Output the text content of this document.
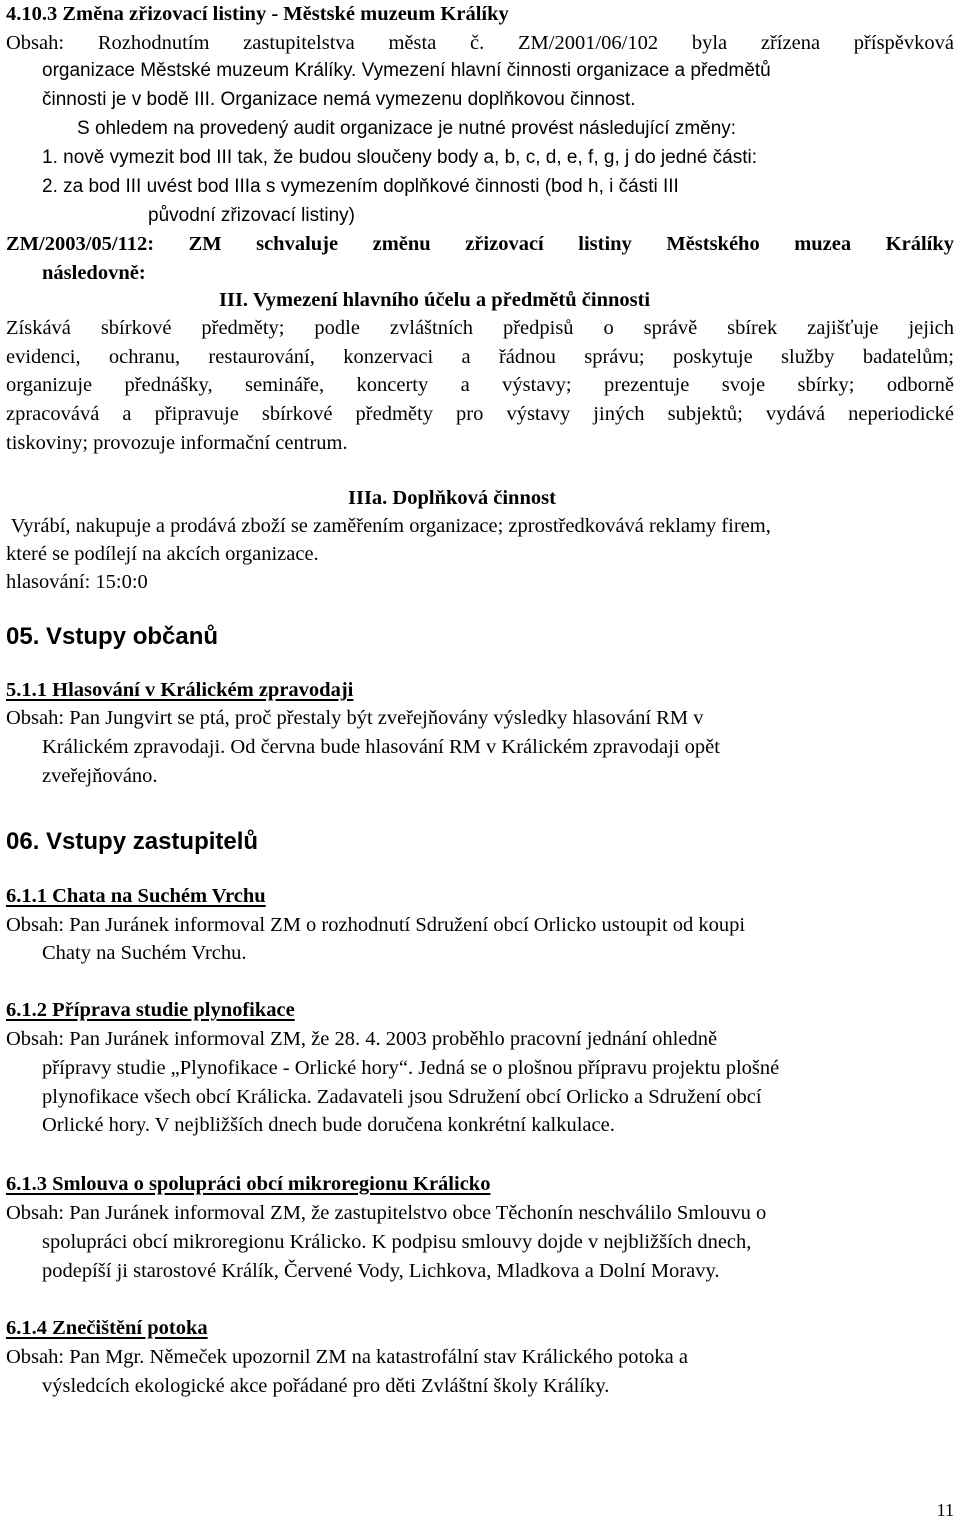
4.10.3 Změna zřizovací listiny - Městské muzeum Králíky
Obsah: Rozhodnutím zastupitelstva města č. ZM/2001/06/102 byla zřízena příspěvková
organizace Městské muzeum Králíky. Vymezení hlavní činnosti organizace a předmětů
činnosti je v bodě III. Organizace nemá vymezenu doplňkovou činnost.
S ohledem na provedený audit organizace je nutné provést následující změny:
1. nově vymezit bod III tak, že budou sloučeny body a, b, c, d, e, f, g, j do jedné části:
2. za bod III uvést bod IIIa s vymezením doplňkové činnosti (bod h, i části III
původní zřizovací listiny)
ZM/2003/05/112: ZM schvaluje změnu zřizovací listiny Městského muzea Králíky
následovně:
III. Vymezení hlavního účelu a předmětů činnosti
Získává sbírkové předměty; podle zvláštních předpisů o správě sbírek zajišťuje jejich
evidenci, ochranu, restaurování, konzervaci a řádnou správu; poskytuje služby badatelům;
organizuje přednášky, semináře, koncerty a výstavy; prezentuje svoje sbírky; odborně
zpracovává a připravuje sbírkové předměty pro výstavy jiných subjektů; vydává neperiodické
tiskoviny; provozuje informační centrum.
IIIa. Doplňková činnost
Vyrábí, nakupuje a prodává zboží se zaměřením organizace; zprostředkovává reklamy firem,
které se podílejí na akcích organizace.
hlasování: 15:0:0
05. Vstupy občanů
5.1.1 Hlasování v Králickém zpravodaji
Obsah: Pan Jungvirt se ptá, proč přestaly být zveřejňovány výsledky hlasování RM v
Králickém zpravodaji. Od června bude hlasování RM v Králickém zpravodaji opět
zveřejňováno.
06. Vstupy zastupitelů
6.1.1 Chata na Suchém Vrchu
Obsah: Pan Juránek informoval ZM o rozhodnutí Sdružení obcí Orlicko ustoupit od koupi
Chaty na Suchém Vrchu.
6.1.2 Příprava studie plynofikace
Obsah: Pan Juránek informoval ZM, že 28. 4. 2003 proběhlo pracovní jednání ohledně
přípravy studie „Plynofikace - Orlické hory“. Jedná se o plošnou přípravu projektu plošné
plynofikace všech obcí Králicka. Zadavateli jsou Sdružení obcí Orlicko a Sdružení obcí
Orlické hory. V nejbližších dnech bude doručena konkrétní kalkulace.
6.1.3 Smlouva o spolupráci obcí mikroregionu Králicko
Obsah: Pan Juránek informoval ZM, že zastupitelstvo obce Těchonín neschválilo Smlouvu o
spolupráci obcí mikroregionu Králicko. K podpisu smlouvy dojde v nejbližších dnech,
podepíší ji starostové Králík, Červené Vody, Lichkova, Mladkova a Dolní Moravy.
6.1.4 Znečištění potoka
Obsah: Pan Mgr. Němeček upozornil ZM na katastrofální stav Králického potoka a
výsledcích ekologické akce pořádané pro děti Zvláštní školy Králíky.
11
